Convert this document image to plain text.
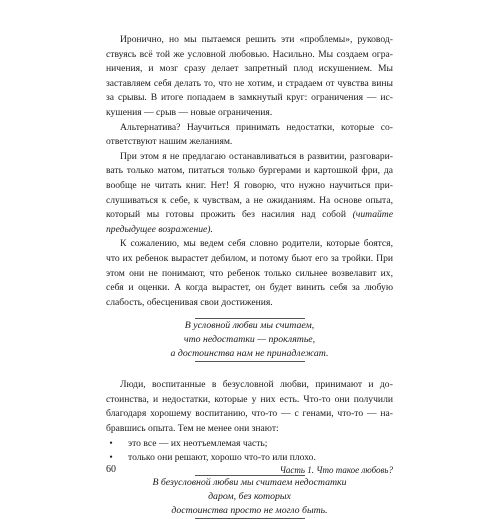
Иронично, но мы пытаемся решить эти «проблемы», руководствуясь всё той же условной любовью. Насильно. Мы создаем ограничения, и мозг сразу делает запретный плод искушением. Мы заставляем себя делать то, что не хотим, и страдаем от чувства вины за срывы. В итоге попадаем в замкнутый круг: ограничения — искушения — срыв — новые ограничения.

Альтернатива? Научиться принимать недостатки, которые соответствуют нашим желаниям.

При этом я не предлагаю останавливаться в развитии, разговаривать только матом, питаться только бургерами и картошкой фри, да вообще не читать книг. Нет! Я говорю, что нужно научиться прислушиваться к себе, к чувствам, а не ожиданиям. На основе опыта, который мы готовы прожить без насилия над собой (читайте предыдущее возражение).

К сожалению, мы ведем себя словно родители, которые боятся, что их ребенок вырастет дебилом, и потому бьют его за тройки. При этом они не понимают, что ребенок только сильнее возвелавит их, себя и оценки. А когда вырастет, он будет винить себя за любую слабость, обесценивая свои достижения.

В условной любви мы считаем,
что недостатки — проклятье,
а достоинства нам не принадлежат.

Люди, воспитанные в безусловной любви, принимают и достоинства, и недостатки, которые у них есть. Что-то они получили благодаря хорошему воспитанию, что-то — с генами, что-то — набравшись опыта. Тем не менее они знают:

•	это все — их неотъемлемая часть;
•	только они решают, хорошо что-то или плохо.
В безусловной любви мы считаем недостатки
даром, без которых
достоинства просто не могло быть.
60	Часть 1. Что такое любовь?
